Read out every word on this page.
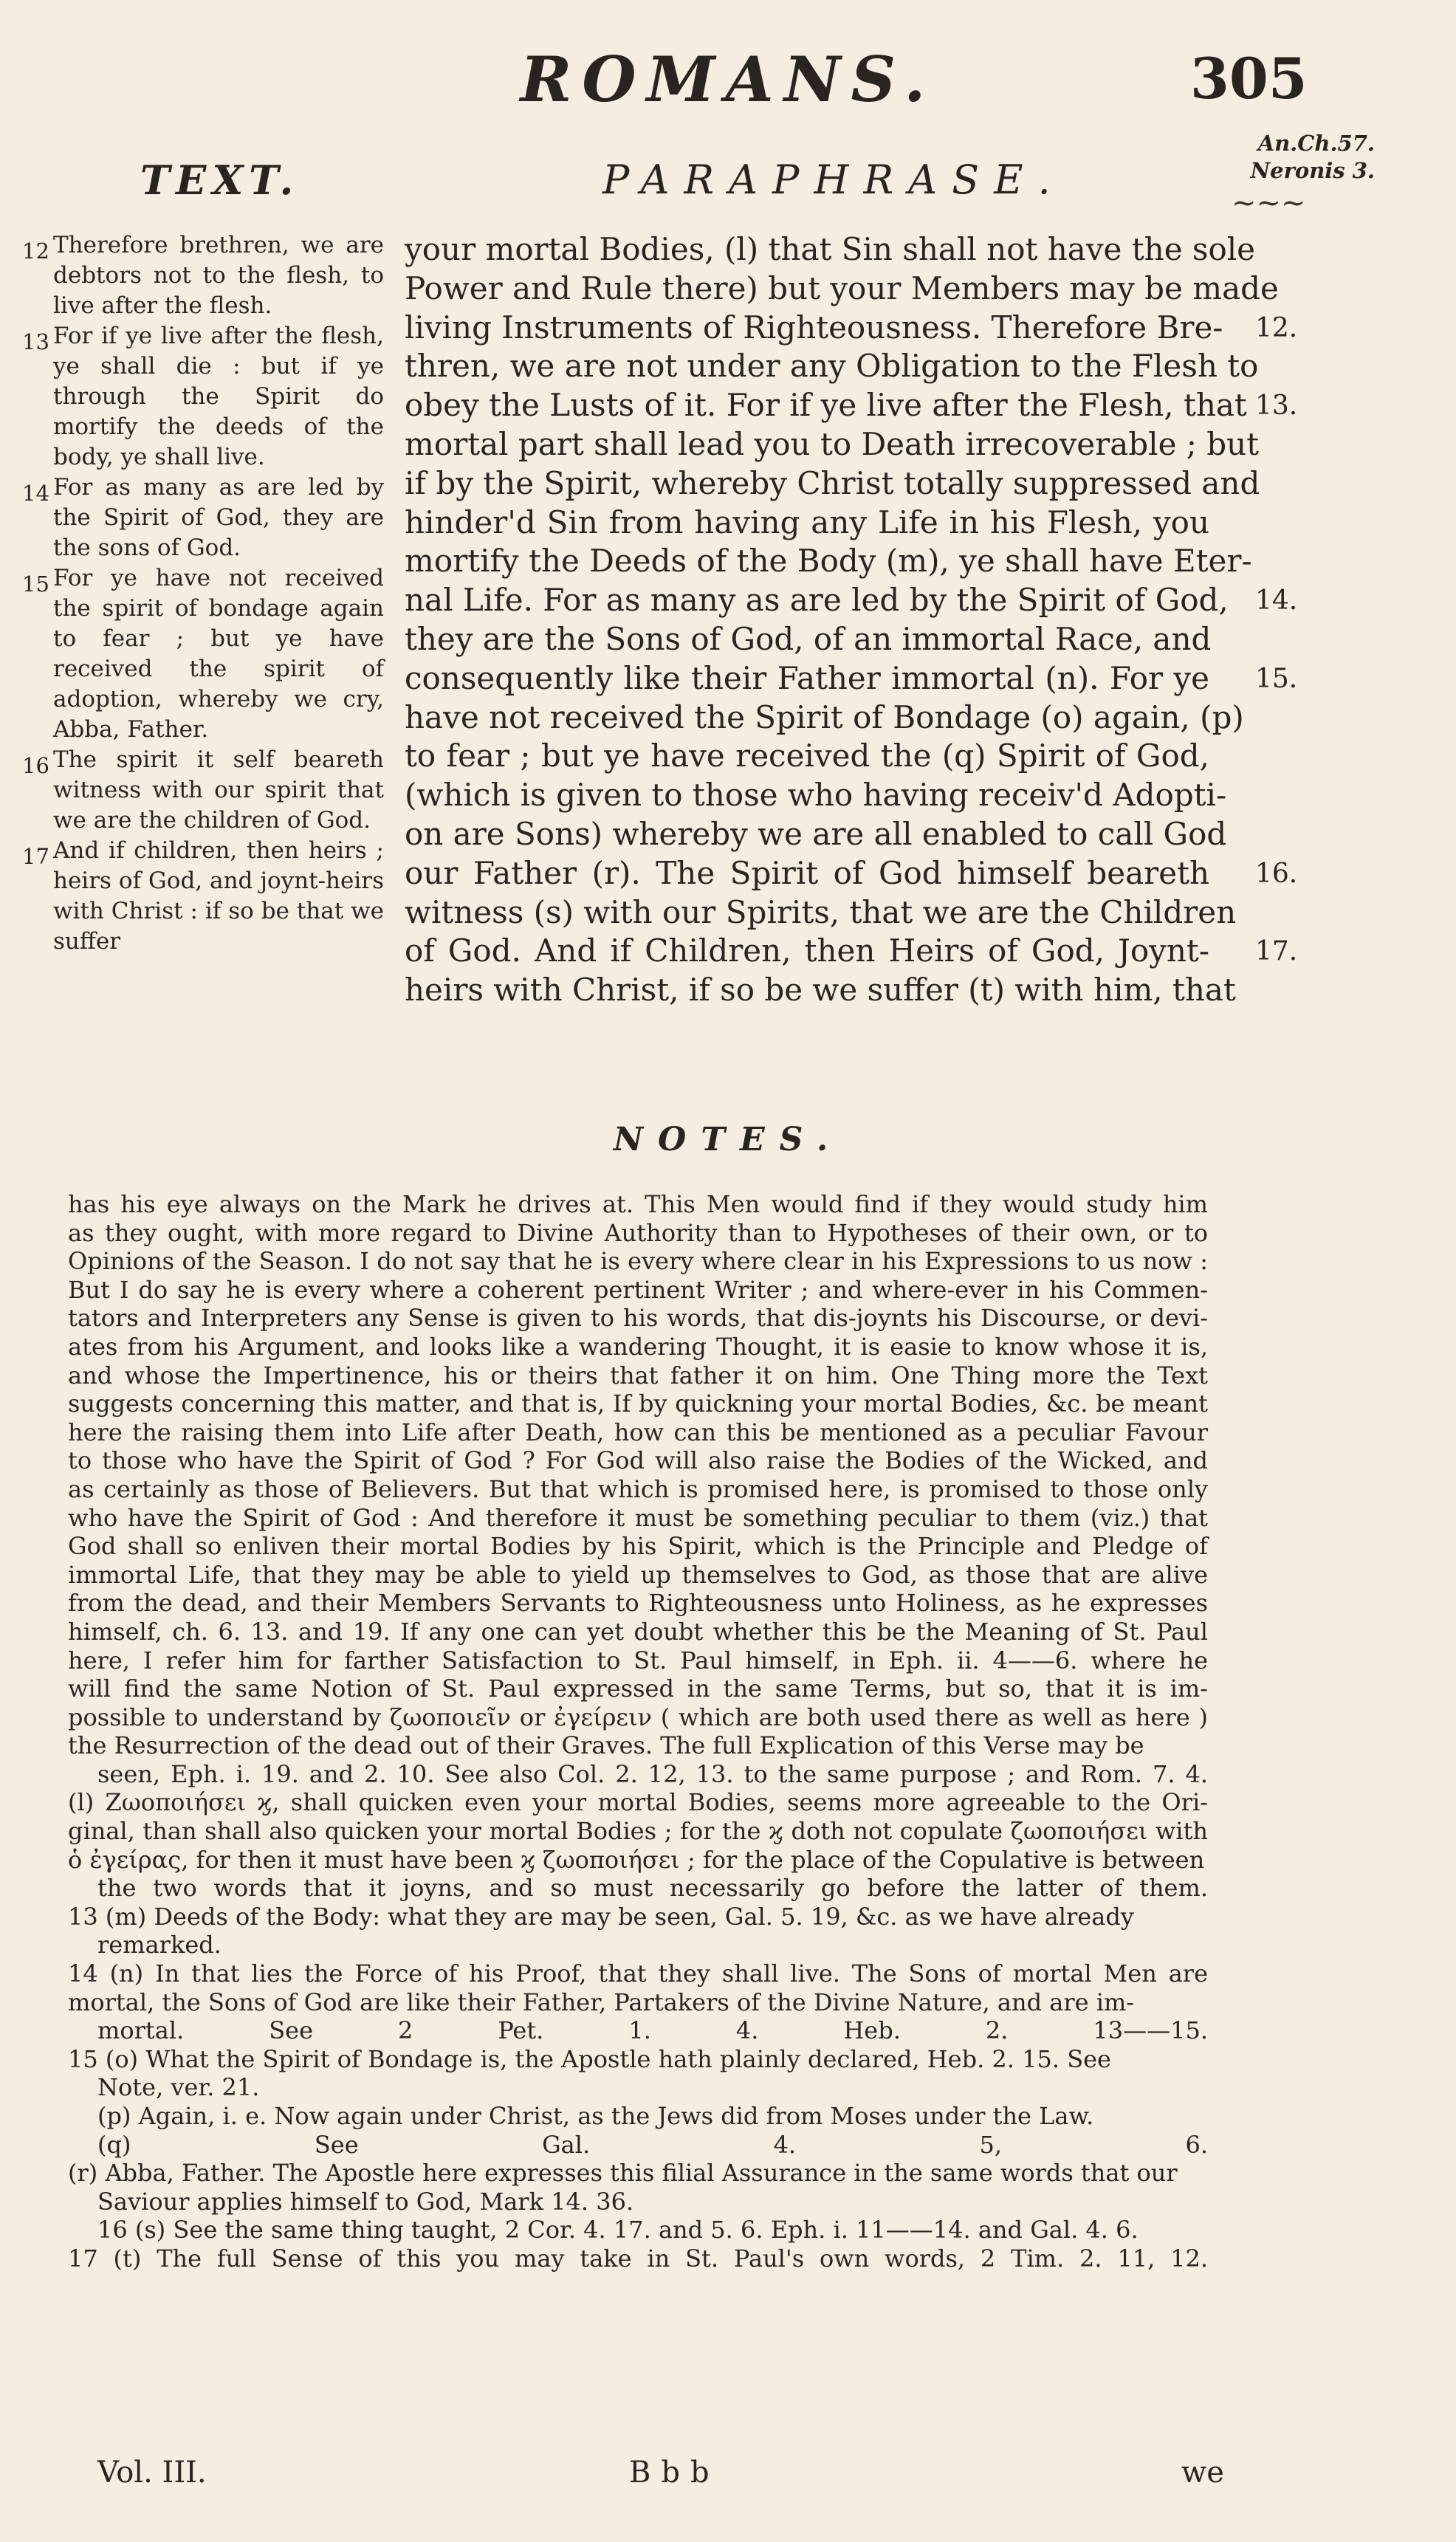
ROMANS.	305
An.Ch.57.
Neronis 3.
~~~
TEXT.	PARAPHRASE.
12 Therefore brethren, we are debtors not to the flesh, to live after the flesh.
13 For if ye live after the flesh, ye shall die : but if ye through the Spirit do mortify the deeds of the body, ye shall live.
14 For as many as are led by the Spirit of God, they are the sons of God.
15 For ye have not received the spirit of bondage again to fear ; but ye have received the spirit of adoption, whereby we cry, Abba, Father.
16 The spirit it self beareth witness with our spirit that we are the children of God.
17 And if children, then heirs ; heirs of God, and joynt-heirs with Christ : if so be that we suffer
your mortal Bodies, (l) that Sin shall not have the sole
Power and Rule there) but your Members may be made
living Instruments of Righteousness. Therefore Bre-
thren, we are not under any Obligation to the Flesh to
obey the Lusts of it. For if ye live after the Flesh, that
mortal part shall lead you to Death irrecoverable ; but
if by the Spirit, whereby Christ totally suppressed and
hinder'd Sin from having any Life in his Flesh, you
mortify the Deeds of the Body (m), ye shall have Eter-
nal Life. For as many as are led by the Spirit of God,
they are the Sons of God, of an immortal Race, and
consequently like their Father immortal (n). For ye
have not received the Spirit of Bondage (o) again, (p)
to fear ; but ye have received the (q) Spirit of God,
(which is given to those who having receiv'd Adopti-
on are Sons) whereby we are all enabled to call God
our Father (r). The Spirit of God himself beareth
witness (s) with our Spirits, that we are the Children
of God. And if Children, then Heirs of God, Joynt-
heirs with Christ, if so be we suffer (t) with him, that
12.
13.
14.
15.
16.
17.
NOTES.
has his eye always on the Mark he drives at. This Men would find if they would study him
as they ought, with more regard to Divine Authority than to Hypotheses of their own, or to
Opinions of the Season. I do not say that he is every where clear in his Expressions to us now :
But I do say he is every where a coherent pertinent Writer ; and where-ever in his Commen-
tators and Interpreters any Sense is given to his words, that dis-joynts his Discourse, or devi-
ates from his Argument, and looks like a wandering Thought, it is easie to know whose it is,
and whose the Impertinence, his or theirs that father it on him. One Thing more the Text
suggests concerning this matter, and that is, If by quickning your mortal Bodies, &c. be meant
here the raising them into Life after Death, how can this be mentioned as a peculiar Favour
to those who have the Spirit of God ? For God will also raise the Bodies of the Wicked, and
as certainly as those of Believers. But that which is promised here, is promised to those only
who have the Spirit of God : And therefore it must be something peculiar to them (viz.) that
God shall so enliven their mortal Bodies by his Spirit, which is the Principle and Pledge of
immortal Life, that they may be able to yield up themselves to God, as those that are alive
from the dead, and their Members Servants to Righteousness unto Holiness, as he expresses
himself, ch. 6. 13. and 19. If any one can yet doubt whether this be the Meaning of St. Paul
here, I refer him for farther Satisfaction to St. Paul himself, in Eph. ii. 4——6. where he
will find the same Notion of St. Paul expressed in the same Terms, but so, that it is im-
possible to understand by ζωοποιεῖν or ἐγείρειν ( which are both used there as well as here )
the Resurrection of the dead out of their Graves. The full Explication of this Verse may be
seen, Eph. i. 19. and 2. 10. See also Col. 2. 12, 13. to the same purpose ; and Rom. 7. 4.
(l) Ζωοποιήσει ϗ, shall quicken even your mortal Bodies, seems more agreeable to the Ori-
ginal, than shall also quicken your mortal Bodies ; for the ϗ doth not copulate ζωοποιήσει with
ὁ ἐγείρας, for then it must have been ϗ ζωοποιήσει ; for the place of the Copulative is between
the two words that it joyns, and so must necessarily go before the latter of them.
13 (m) Deeds of the Body: what they are may be seen, Gal. 5. 19, &c. as we have already
remarked.
14 (n) In that lies the Force of his Proof, that they shall live. The Sons of mortal Men are
mortal, the Sons of God are like their Father, Partakers of the Divine Nature, and are im-
mortal. See 2 Pet. 1. 4. Heb. 2. 13——15.
15 (o) What the Spirit of Bondage is, the Apostle hath plainly declared, Heb. 2. 15. See
Note, ver. 21.
(p) Again, i. e. Now again under Christ, as the Jews did from Moses under the Law.
(q) See Gal. 4. 5, 6.
(r) Abba, Father. The Apostle here expresses this filial Assurance in the same words that our
Saviour applies himself to God, Mark 14. 36.
16 (s) See the same thing taught, 2 Cor. 4. 17. and 5. 6. Eph. i. 11——14. and Gal. 4. 6.
17 (t) The full Sense of this you may take in St. Paul's own words, 2 Tim. 2. 11, 12.
Vol. III.	Bbb	we
